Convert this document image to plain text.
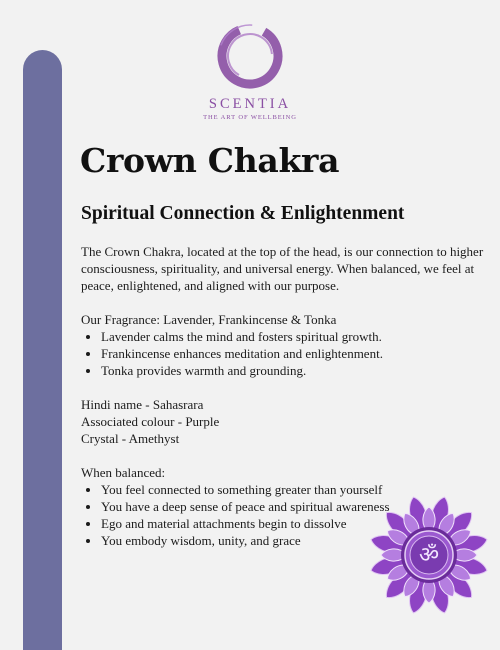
SCENTIA
THE ART OF WELLBEING
Crown Chakra
Spiritual Connection & Enlightenment

The Crown Chakra, located at the top of the head, is our connection to higher consciousness, spirituality, and universal energy. When balanced, we feel at peace, enlightened, and aligned with our purpose.

Our Fragrance: Lavender, Frankincense & Tonka

• Lavender calms the mind and fosters spiritual growth.
• Frankincense enhances meditation and enlightenment.
• Tonka provides warmth and grounding.

Hindi name - Sahasrara

Associated colour - Purple

Crystal - Amethyst

When balanced:

• You feel connected to something greater than yourself
• You have a deep sense of peace and spiritual awareness
• Ego and material attachments begin to dissolve
• You embody wisdom, unity, and grace
ॐ
